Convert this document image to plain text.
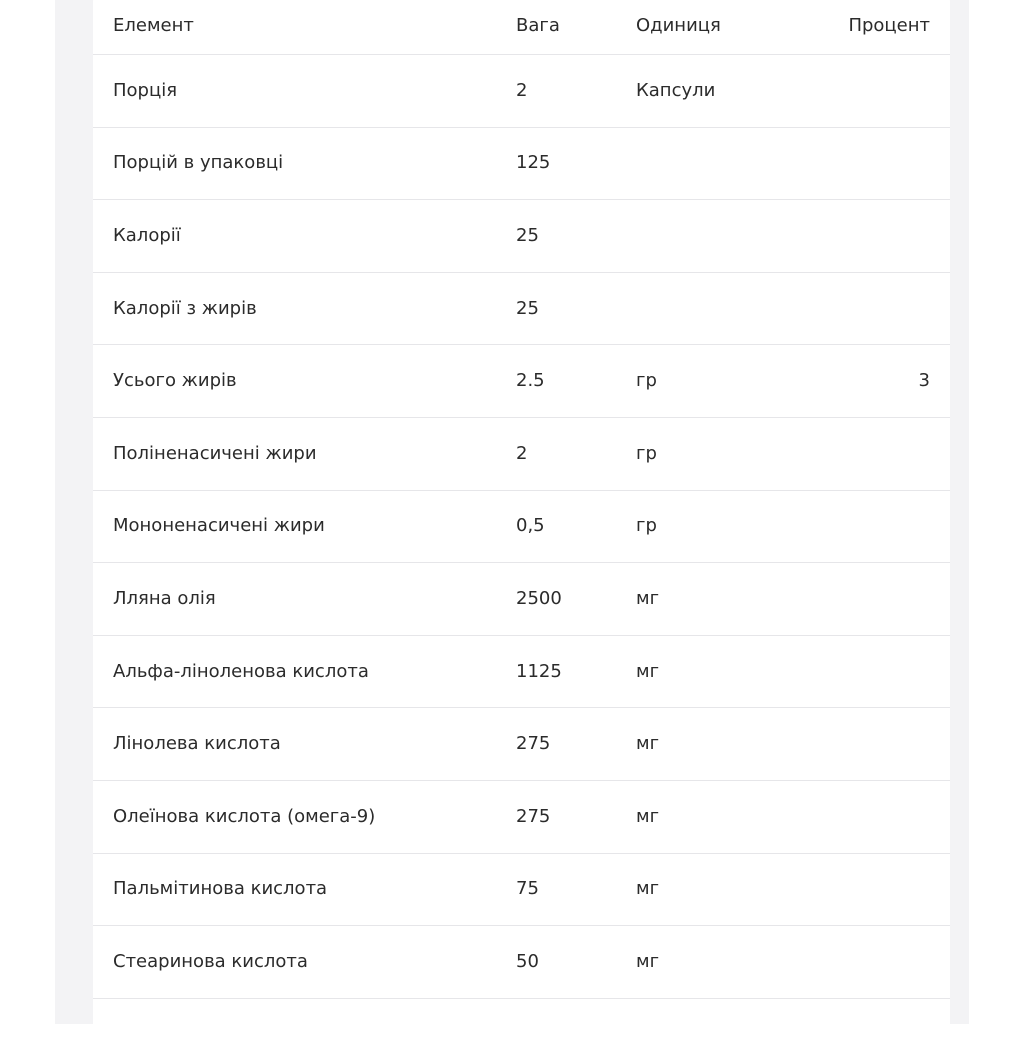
Елемент	Вага	Одиниця	Процент
Порція	2	Капсули
Порцій в упаковці	125
Калорії	25
Калорії з жирів	25
Усього жирів	2.5	гр	3
Поліненасичені жири	2	гр
Мононенасичені жири	0,5	гр
Лляна олія	2500	мг
Альфа-ліноленова кислота	1125	мг
Лінолева кислота	275	мг
Олеїнова кислота (омега-9)	275	мг
Пальмітинова кислота	75	мг
Стеаринова кислота	50	мг
